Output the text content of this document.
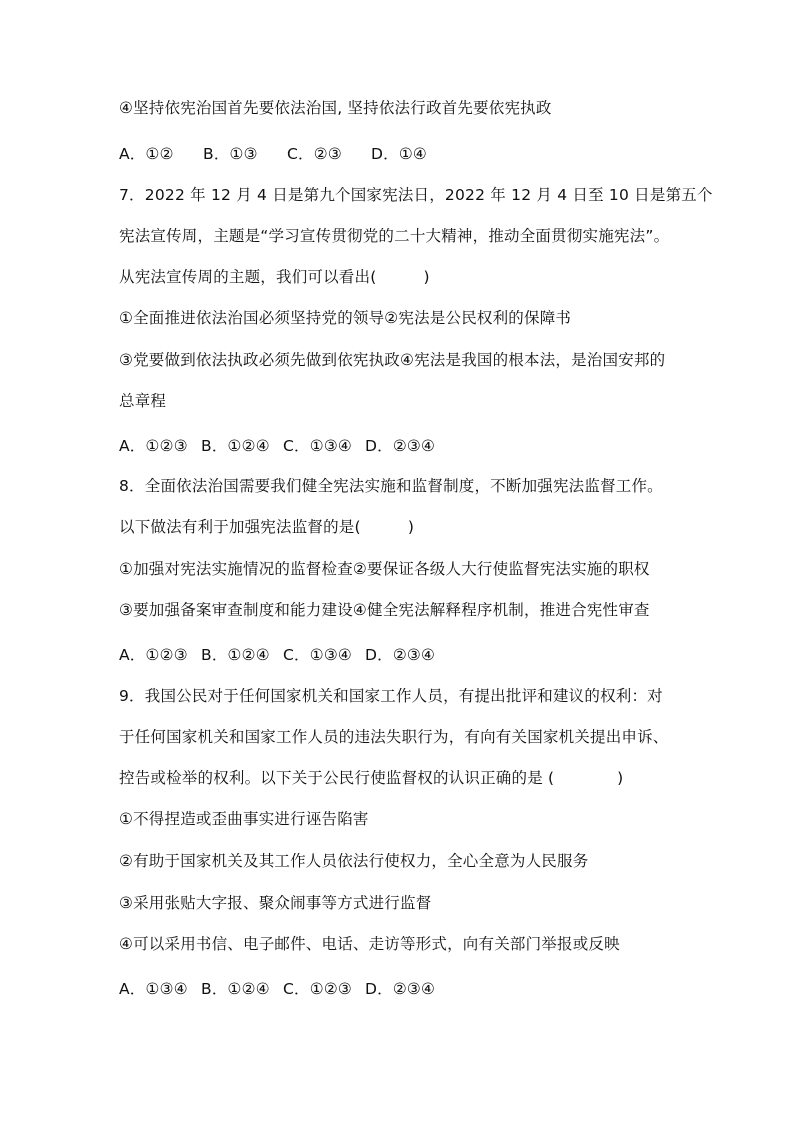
④坚持依宪治国首先要依法治国, 坚持依法行政首先要依宪执政
A．①② B．①③ C．②③ D．①④
7．2022 年 12 月 4 日是第九个国家宪法日，2022 年 12 月 4 日至 10 日是第五个
宪法宣传周，主题是“学习宣传贯彻党的二十大精神，推动全面贯彻实施宪法”。
从宪法宣传周的主题，我们可以看出(　　　)
①全面推进依法治国必须坚持党的领导②宪法是公民权利的保障书
③党要做到依法执政必须先做到依宪执政④宪法是我国的根本法，是治国安邦的
总章程
A．①②③ B．①②④ C．①③④ D．②③④
8．全面依法治国需要我们健全宪法实施和监督制度，不断加强宪法监督工作。
以下做法有利于加强宪法监督的是(　　　)
①加强对宪法实施情况的监督检查②要保证各级人大行使监督宪法实施的职权
③要加强备案审查制度和能力建设④健全宪法解释程序机制，推进合宪性审查
A．①②③ B．①②④ C．①③④ D．②③④
9．我国公民对于任何国家机关和国家工作人员，有提出批评和建议的权利：对
于任何国家机关和国家工作人员的违法失职行为，有向有关国家机关提出申诉、
控告或检举的权利。以下关于公民行使监督权的认识正确的是 (　　　　)
①不得捏造或歪曲事实进行诬告陷害
②有助于国家机关及其工作人员依法行使权力，全心全意为人民服务
③采用张贴大字报、聚众闹事等方式进行监督
④可以采用书信、电子邮件、电话、走访等形式，向有关部门举报或反映
A．①③④ B．①②④ C．①②③ D．②③④
